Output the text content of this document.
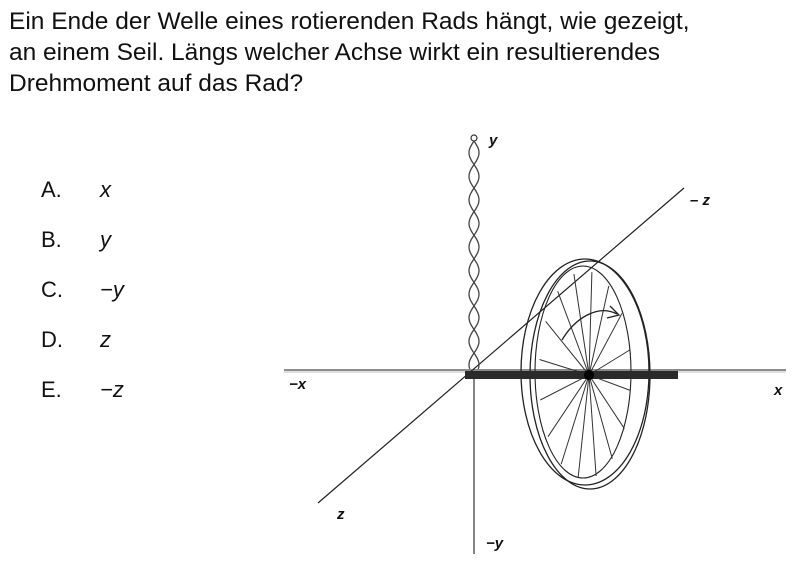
Ein Ende der Welle eines rotierenden Rads hängt, wie gezeigt,
an einem Seil. Längs welcher Achse wirkt ein resultierendes
Drehmoment auf das Rad?
A.	x
B.	y
C.	−y
D.	z
E.	−z
y
−y
x
−x
z
– z
